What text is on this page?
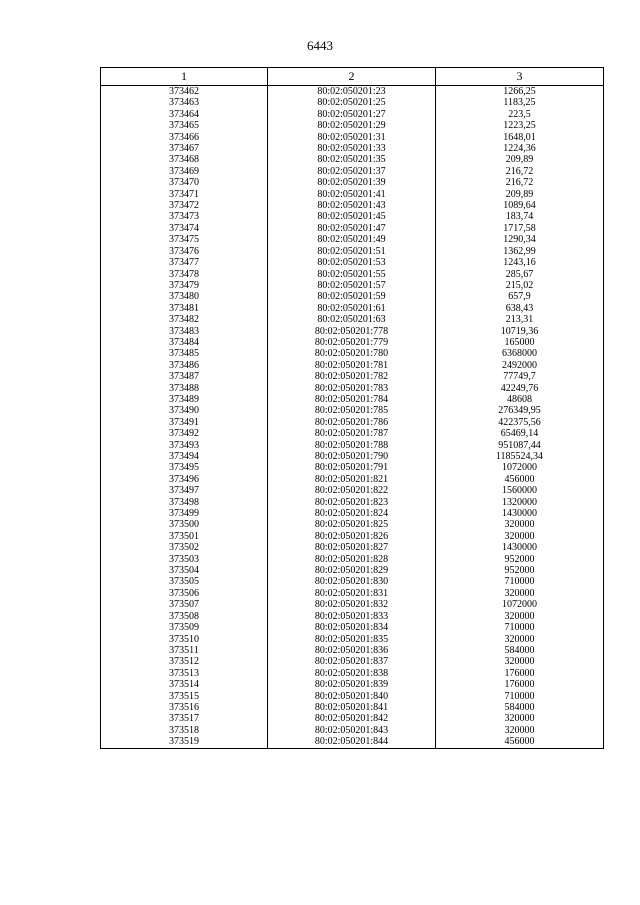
6443
1	2	3
373462	80:02:050201:23	1266,25
373463	80:02:050201:25	1183,25
373464	80:02:050201:27	223,5
373465	80:02:050201:29	1223,25
373466	80:02:050201:31	1648,01
373467	80:02:050201:33	1224,36
373468	80:02:050201:35	209,89
373469	80:02:050201:37	216,72
373470	80:02:050201:39	216,72
373471	80:02:050201:41	209,89
373472	80:02:050201:43	1089,64
373473	80:02:050201:45	183,74
373474	80:02:050201:47	1717,58
373475	80:02:050201:49	1290,34
373476	80:02:050201:51	1362,99
373477	80:02:050201:53	1243,16
373478	80:02:050201:55	285,67
373479	80:02:050201:57	215,02
373480	80:02:050201:59	657,9
373481	80:02:050201:61	638,43
373482	80:02:050201:63	213,31
373483	80:02:050201:778	10719,36
373484	80:02:050201:779	165000
373485	80:02:050201:780	6368000
373486	80:02:050201:781	2492000
373487	80:02:050201:782	77749,7
373488	80:02:050201:783	42249,76
373489	80:02:050201:784	48608
373490	80:02:050201:785	276349,95
373491	80:02:050201:786	422375,56
373492	80:02:050201:787	65469,14
373493	80:02:050201:788	951087,44
373494	80:02:050201:790	1185524,34
373495	80:02:050201:791	1072000
373496	80:02:050201:821	456000
373497	80:02:050201:822	1560000
373498	80:02:050201:823	1320000
373499	80:02:050201:824	1430000
373500	80:02:050201:825	320000
373501	80:02:050201:826	320000
373502	80:02:050201:827	1430000
373503	80:02:050201:828	952000
373504	80:02:050201:829	952000
373505	80:02:050201:830	710000
373506	80:02:050201:831	320000
373507	80:02:050201:832	1072000
373508	80:02:050201:833	320000
373509	80:02:050201:834	710000
373510	80:02:050201:835	320000
373511	80:02:050201:836	584000
373512	80:02:050201:837	320000
373513	80:02:050201:838	176000
373514	80:02:050201:839	176000
373515	80:02:050201:840	710000
373516	80:02:050201:841	584000
373517	80:02:050201:842	320000
373518	80:02:050201:843	320000
373519	80:02:050201:844	456000
